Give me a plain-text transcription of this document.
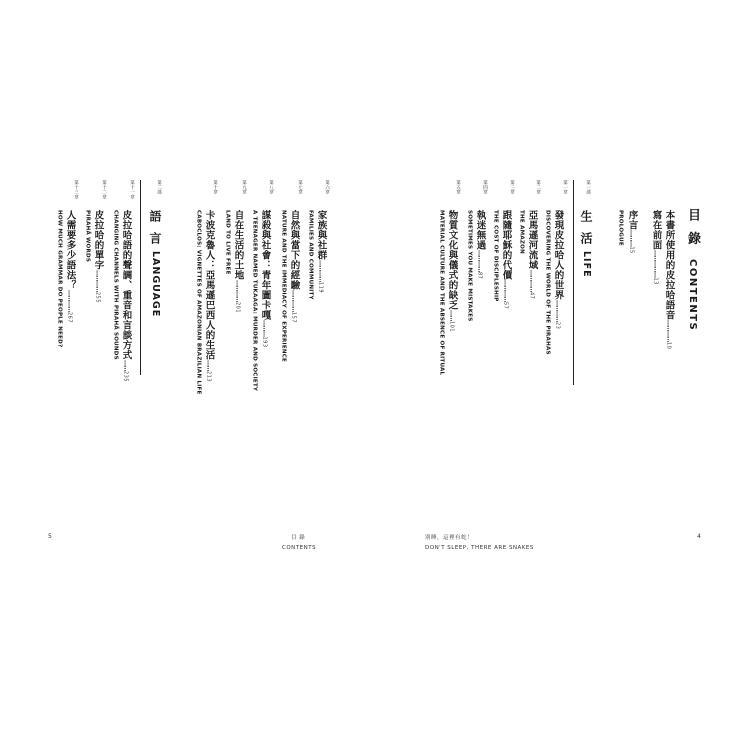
目 錄 CONTENTS
本書所使用的皮拉哈語音…………10
寫在前面……………13
序言………15
PROLOGUE
第一部
生 活LIFE
第一章
發現皮拉哈人的世界…………23
DISCOVERING THE WORLD OF THE PIRAHAS
第二章
亞馬遜河流域…………47
THE AMAZON
第三章
跟隨耶穌的代價…………57
THE COST OF DISCIPLESHIP
第四章
執迷無過…………87
SOMETIMES YOU MAKE MISTAKES
第五章
物質文化與儀式的缺乏……101
MATERIAL CULTURE AND THE ABSENCE OF RITUAL
別睡，這裡有蛇！
DON'T SLEEP, THERE ARE SNAKES
4
第六章
家族與社群…………119
FAMILIES AND COMMUNITY
第七章
自然與當下的經驗…………157
NATURE AND THE IMMEDIACY OF EXPERIENCE
第八章
謀殺與社會：青年圖卡嘎………193
A TEENAGER NAMED TUKAAGA: MURDER AND SOCIETY
第九章
自在生活的土地…………201
LAND TO LIVE FREE
第十章
卡波克魯人：亞馬遜巴西人的生活……213
CABOCLOS: VIGNETTES OF AMAZONIAN BRAZILIAN LIFE
第二部
語 言LANGUAGE
第十一章
皮拉哈語的聲調、重音和言談方式……235
CHANGING CHANNELS WITH PIRAHÃ SOUNDS
第十二章
皮拉哈的單字…………255
PIRAHÃ WORDS
第十三章
人需要多少語法？…………267
HOW MUCH GRAMMAR DO PEOPLE NEED?
5	目 錄
CONTENTS
